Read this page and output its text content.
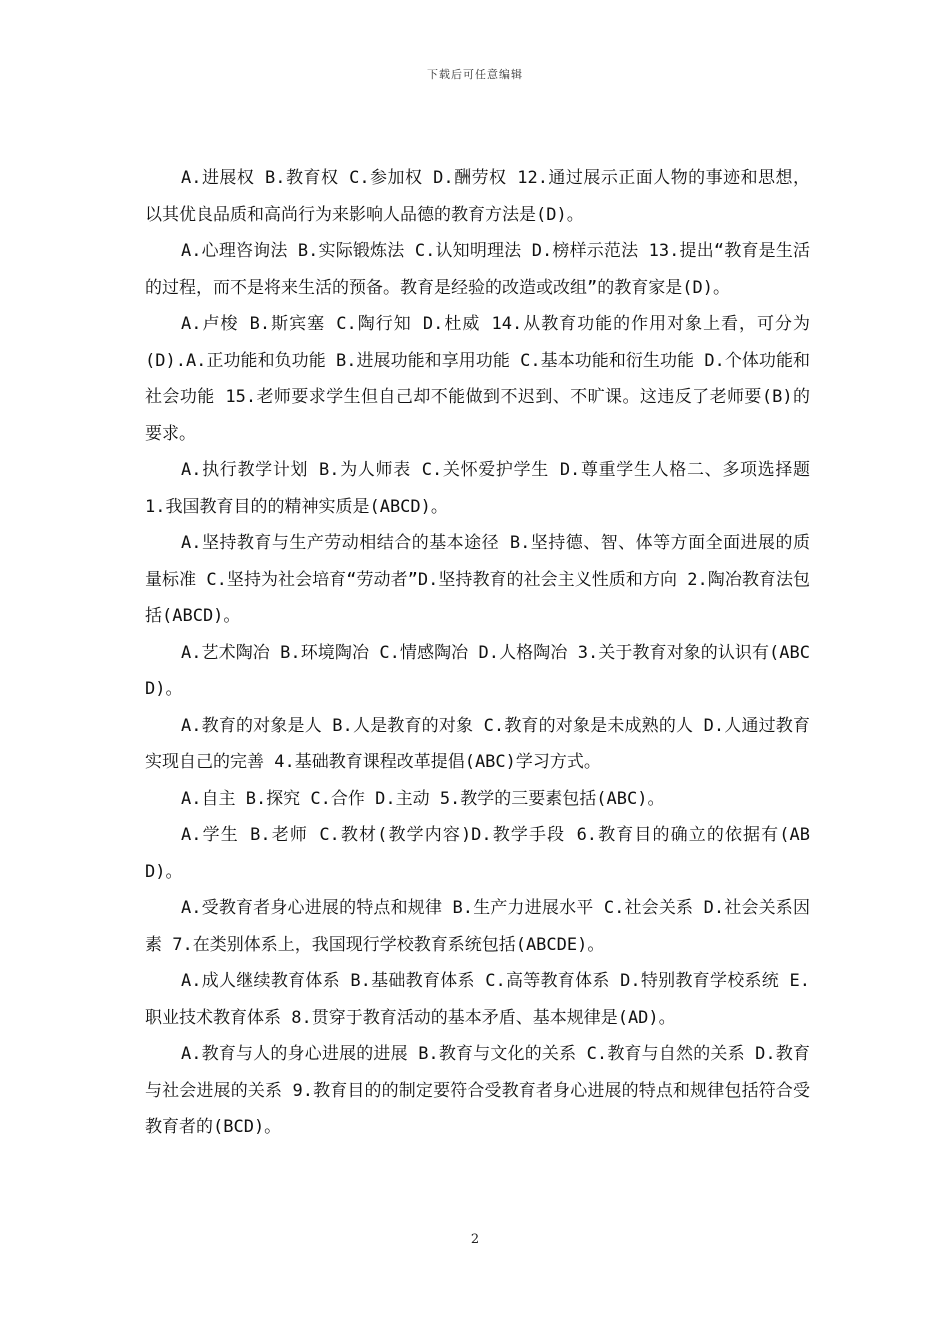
下载后可任意编辑

A.进展权 B.教育权 C.参加权 D.酬劳权 12.通过展示正面人物的事迹和思想，以其优良品质和高尚行为来影响人品德的教育方法是(D)。

A.心理咨询法 B.实际锻炼法 C.认知明理法 D.榜样示范法 13.提出“教育是生活的过程，而不是将来生活的预备。教育是经验的改造或改组”的教育家是(D)。

A.卢梭 B.斯宾塞 C.陶行知 D.杜威 14.从教育功能的作用对象上看，可分为(D).A.正功能和负功能 B.进展功能和享用功能 C.基本功能和衍生功能 D.个体功能和社会功能 15.老师要求学生但自己却不能做到不迟到、不旷课。这违反了老师要(B)的要求。

A.执行教学计划 B.为人师表 C.关怀爱护学生 D.尊重学生人格二、多项选择题 1.我国教育目的的精神实质是(ABCD)。

A.坚持教育与生产劳动相结合的基本途径 B.坚持德、智、体等方面全面进展的质量标准 C.坚持为社会培育“劳动者”D.坚持教育的社会主义性质和方向 2.陶冶教育法包括(ABCD)。

A.艺术陶冶 B.环境陶冶 C.情感陶冶 D.人格陶冶 3.关于教育对象的认识有(ABCD)。

A.教育的对象是人 B.人是教育的对象 C.教育的对象是未成熟的人 D.人通过教育实现自己的完善 4.基础教育课程改革提倡(ABC)学习方式。

A.自主 B.探究 C.合作 D.主动 5.教学的三要素包括(ABC)。

A.学生 B.老师 C.教材(教学内容)D.教学手段 6.教育目的确立的依据有(ABD)。

A.受教育者身心进展的特点和规律 B.生产力进展水平 C.社会关系 D.社会关系因素 7.在类别体系上，我国现行学校教育系统包括(ABCDE)。

A.成人继续教育体系 B.基础教育体系 C.高等教育体系 D.特别教育学校系统 E.职业技术教育体系 8.贯穿于教育活动的基本矛盾、基本规律是(AD)。

A.教育与人的身心进展的进展 B.教育与文化的关系 C.教育与自然的关系 D.教育与社会进展的关系 9.教育目的的制定要符合受教育者身心进展的特点和规律包括符合受教育者的(BCD)。

2
